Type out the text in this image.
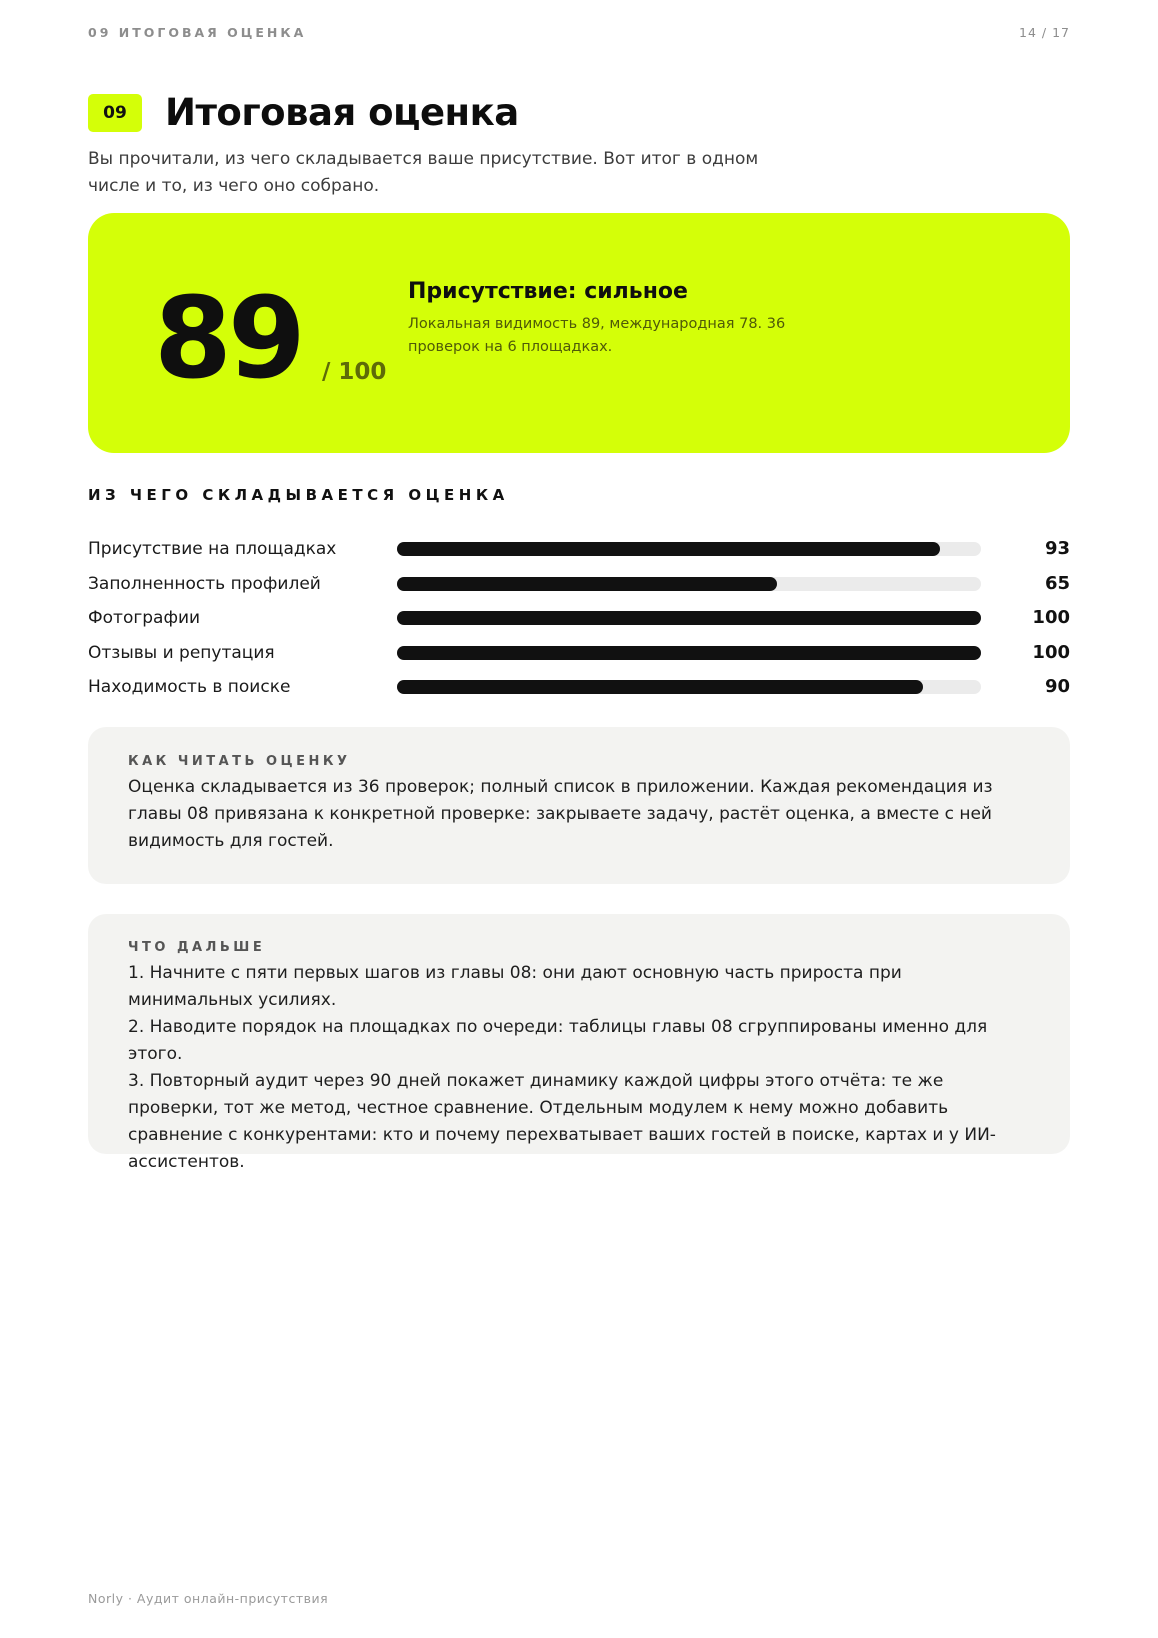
09 ИТОГОВАЯ ОЦЕНКА	14 / 17
09	Итоговая оценка

Вы прочитали, из чего складывается ваше присутствие. Вот итог в одном числе и то, из чего оно собрано.

89 / 100
Присутствие: сильное
Локальная видимость 89, международная 78. 36 проверок на 6 площадках.
ИЗ ЧЕГО СКЛАДЫВАЕТСЯ ОЦЕНКА
Присутствие на площадках	93
Заполненность профилей	65
Фотографии	100
Отзывы и репутация	100
Находимость в поиске	90
КАК ЧИТАТЬ ОЦЕНКУ

Оценка складывается из 36 проверок; полный список в приложении. Каждая рекомендация из главы 08 привязана к конкретной проверке: закрываете задачу, растёт оценка, а вместе с ней видимость для гостей.

ЧТО ДАЛЬШЕ

1. Начните с пяти первых шагов из главы 08: они дают основную часть прироста при минимальных усилиях.

2. Наводите порядок на площадках по очереди: таблицы главы 08 сгруппированы именно для этого.

3. Повторный аудит через 90 дней покажет динамику каждой цифры этого отчёта: те же проверки, тот же метод, честное сравнение. Отдельным модулем к нему можно добавить сравнение с конкурентами: кто и почему перехватывает ваших гостей в поиске, картах и у ИИ-ассистентов.

Norly · Аудит онлайн-присутствия
